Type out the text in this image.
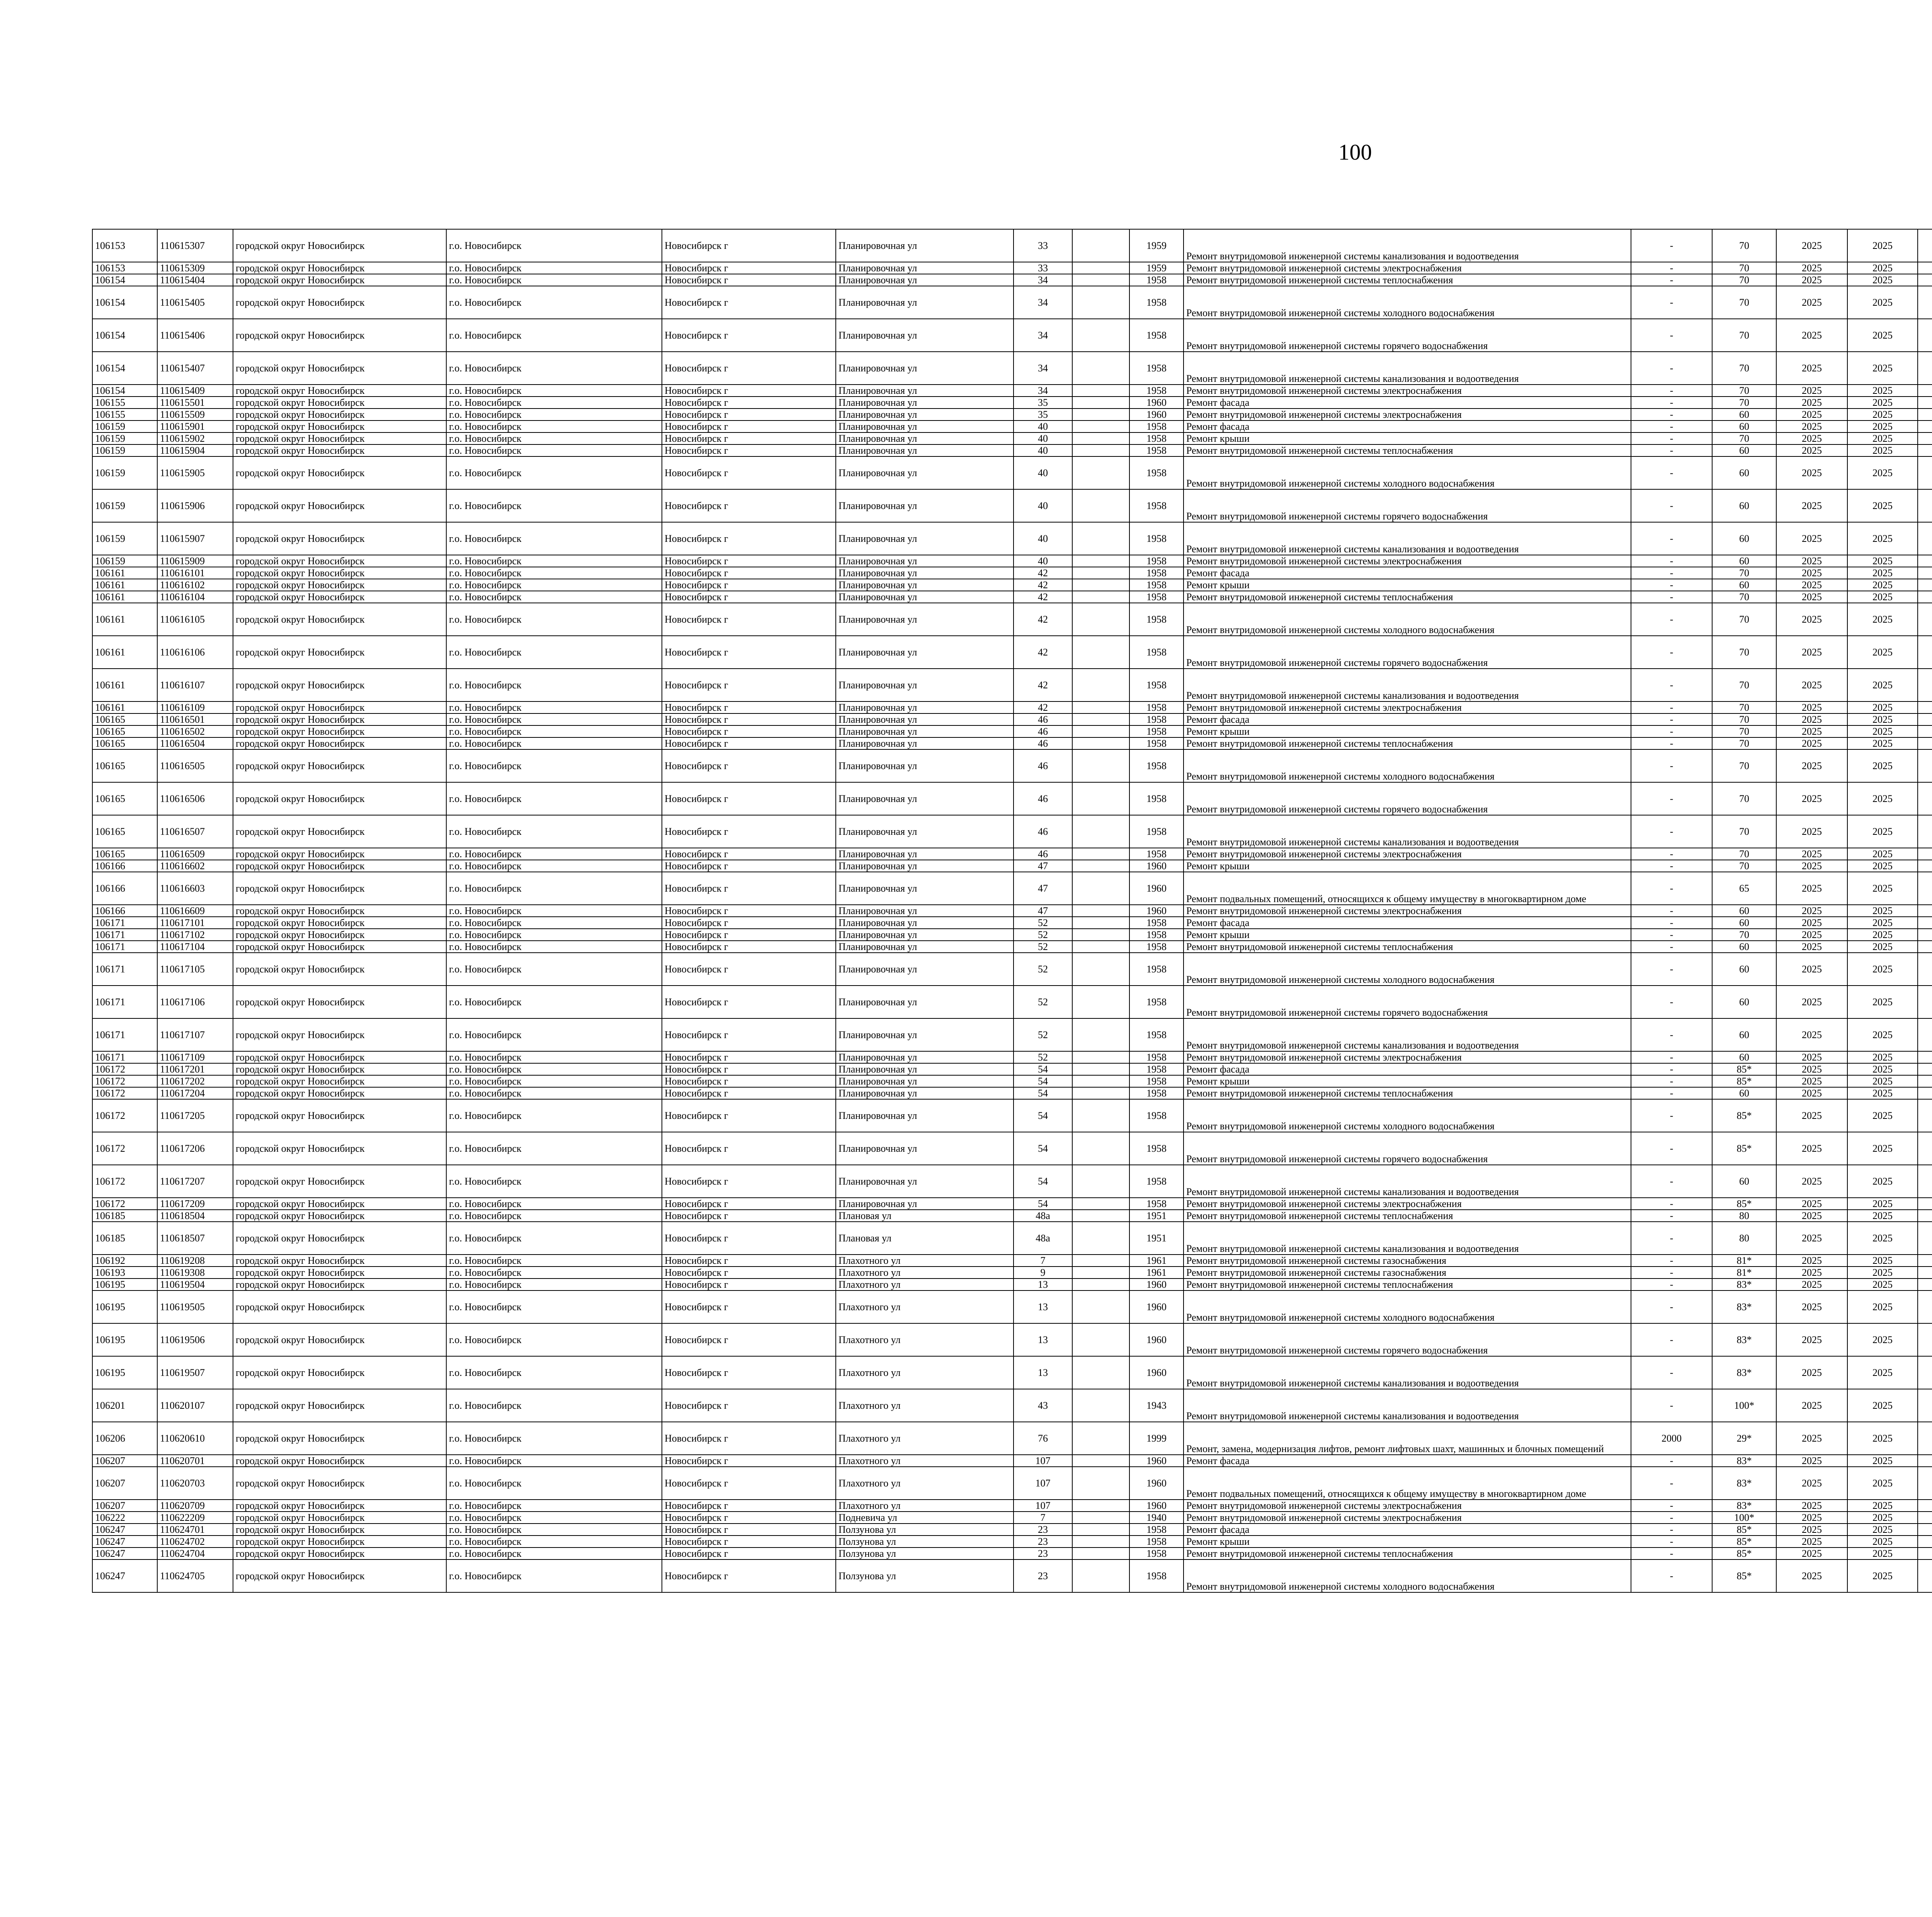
100
106153	110615307	городской округ Новосибирск	г.о. Новосибирск	Новосибирск г	Планировочная ул	33		1959	Ремонт внутридомовой инженерной системы канализования и водоотведения	-	70	2025	2025					
106153	110615309	городской округ Новосибирск	г.о. Новосибирск	Новосибирск г	Планировочная ул	33		1959	Ремонт внутридомовой инженерной системы электроснабжения	-	70	2025	2025					
106154	110615404	городской округ Новосибирск	г.о. Новосибирск	Новосибирск г	Планировочная ул	34		1958	Ремонт внутридомовой инженерной системы теплоснабжения	-	70	2025	2025					
106154	110615405	городской округ Новосибирск	г.о. Новосибирск	Новосибирск г	Планировочная ул	34		1958	Ремонт внутридомовой инженерной системы холодного водоснабжения	-	70	2025	2025					
106154	110615406	городской округ Новосибирск	г.о. Новосибирск	Новосибирск г	Планировочная ул	34		1958	Ремонт внутридомовой инженерной системы горячего водоснабжения	-	70	2025	2025					
106154	110615407	городской округ Новосибирск	г.о. Новосибирск	Новосибирск г	Планировочная ул	34		1958	Ремонт внутридомовой инженерной системы канализования и водоотведения	-	70	2025	2025					
106154	110615409	городской округ Новосибирск	г.о. Новосибирск	Новосибирск г	Планировочная ул	34		1958	Ремонт внутридомовой инженерной системы электроснабжения	-	70	2025	2025					
106155	110615501	городской округ Новосибирск	г.о. Новосибирск	Новосибирск г	Планировочная ул	35		1960	Ремонт фасада	-	70	2025	2025					
106155	110615509	городской округ Новосибирск	г.о. Новосибирск	Новосибирск г	Планировочная ул	35		1960	Ремонт внутридомовой инженерной системы электроснабжения	-	60	2025	2025					
106159	110615901	городской округ Новосибирск	г.о. Новосибирск	Новосибирск г	Планировочная ул	40		1958	Ремонт фасада	-	60	2025	2025					
106159	110615902	городской округ Новосибирск	г.о. Новосибирск	Новосибирск г	Планировочная ул	40		1958	Ремонт крыши	-	70	2025	2025					
106159	110615904	городской округ Новосибирск	г.о. Новосибирск	Новосибирск г	Планировочная ул	40		1958	Ремонт внутридомовой инженерной системы теплоснабжения	-	60	2025	2025					
106159	110615905	городской округ Новосибирск	г.о. Новосибирск	Новосибирск г	Планировочная ул	40		1958	Ремонт внутридомовой инженерной системы холодного водоснабжения	-	60	2025	2025					
106159	110615906	городской округ Новосибирск	г.о. Новосибирск	Новосибирск г	Планировочная ул	40		1958	Ремонт внутридомовой инженерной системы горячего водоснабжения	-	60	2025	2025					
106159	110615907	городской округ Новосибирск	г.о. Новосибирск	Новосибирск г	Планировочная ул	40		1958	Ремонт внутридомовой инженерной системы канализования и водоотведения	-	60	2025	2025					
106159	110615909	городской округ Новосибирск	г.о. Новосибирск	Новосибирск г	Планировочная ул	40		1958	Ремонт внутридомовой инженерной системы электроснабжения	-	60	2025	2025					
106161	110616101	городской округ Новосибирск	г.о. Новосибирск	Новосибирск г	Планировочная ул	42		1958	Ремонт фасада	-	70	2025	2025					
106161	110616102	городской округ Новосибирск	г.о. Новосибирск	Новосибирск г	Планировочная ул	42		1958	Ремонт крыши	-	60	2025	2025					
106161	110616104	городской округ Новосибирск	г.о. Новосибирск	Новосибирск г	Планировочная ул	42		1958	Ремонт внутридомовой инженерной системы теплоснабжения	-	70	2025	2025					
106161	110616105	городской округ Новосибирск	г.о. Новосибирск	Новосибирск г	Планировочная ул	42		1958	Ремонт внутридомовой инженерной системы холодного водоснабжения	-	70	2025	2025					
106161	110616106	городской округ Новосибирск	г.о. Новосибирск	Новосибирск г	Планировочная ул	42		1958	Ремонт внутридомовой инженерной системы горячего водоснабжения	-	70	2025	2025					
106161	110616107	городской округ Новосибирск	г.о. Новосибирск	Новосибирск г	Планировочная ул	42		1958	Ремонт внутридомовой инженерной системы канализования и водоотведения	-	70	2025	2025					
106161	110616109	городской округ Новосибирск	г.о. Новосибирск	Новосибирск г	Планировочная ул	42		1958	Ремонт внутридомовой инженерной системы электроснабжения	-	70	2025	2025					
106165	110616501	городской округ Новосибирск	г.о. Новосибирск	Новосибирск г	Планировочная ул	46		1958	Ремонт фасада	-	70	2025	2025					
106165	110616502	городской округ Новосибирск	г.о. Новосибирск	Новосибирск г	Планировочная ул	46		1958	Ремонт крыши	-	70	2025	2025					
106165	110616504	городской округ Новосибирск	г.о. Новосибирск	Новосибирск г	Планировочная ул	46		1958	Ремонт внутридомовой инженерной системы теплоснабжения	-	70	2025	2025					
106165	110616505	городской округ Новосибирск	г.о. Новосибирск	Новосибирск г	Планировочная ул	46		1958	Ремонт внутридомовой инженерной системы холодного водоснабжения	-	70	2025	2025					
106165	110616506	городской округ Новосибирск	г.о. Новосибирск	Новосибирск г	Планировочная ул	46		1958	Ремонт внутридомовой инженерной системы горячего водоснабжения	-	70	2025	2025					
106165	110616507	городской округ Новосибирск	г.о. Новосибирск	Новосибирск г	Планировочная ул	46		1958	Ремонт внутридомовой инженерной системы канализования и водоотведения	-	70	2025	2025					
106165	110616509	городской округ Новосибирск	г.о. Новосибирск	Новосибирск г	Планировочная ул	46		1958	Ремонт внутридомовой инженерной системы электроснабжения	-	70	2025	2025					
106166	110616602	городской округ Новосибирск	г.о. Новосибирск	Новосибирск г	Планировочная ул	47		1960	Ремонт крыши	-	70	2025	2025					
106166	110616603	городской округ Новосибирск	г.о. Новосибирск	Новосибирск г	Планировочная ул	47		1960	Ремонт подвальных помещений, относящихся к общему имуществу в многоквартирном доме	-	65	2025	2025					
106166	110616609	городской округ Новосибирск	г.о. Новосибирск	Новосибирск г	Планировочная ул	47		1960	Ремонт внутридомовой инженерной системы электроснабжения	-	60	2025	2025					
106171	110617101	городской округ Новосибирск	г.о. Новосибирск	Новосибирск г	Планировочная ул	52		1958	Ремонт фасада	-	60	2025	2025					
106171	110617102	городской округ Новосибирск	г.о. Новосибирск	Новосибирск г	Планировочная ул	52		1958	Ремонт крыши	-	70	2025	2025					
106171	110617104	городской округ Новосибирск	г.о. Новосибирск	Новосибирск г	Планировочная ул	52		1958	Ремонт внутридомовой инженерной системы теплоснабжения	-	60	2025	2025					
106171	110617105	городской округ Новосибирск	г.о. Новосибирск	Новосибирск г	Планировочная ул	52		1958	Ремонт внутридомовой инженерной системы холодного водоснабжения	-	60	2025	2025					
106171	110617106	городской округ Новосибирск	г.о. Новосибирск	Новосибирск г	Планировочная ул	52		1958	Ремонт внутридомовой инженерной системы горячего водоснабжения	-	60	2025	2025					
106171	110617107	городской округ Новосибирск	г.о. Новосибирск	Новосибирск г	Планировочная ул	52		1958	Ремонт внутридомовой инженерной системы канализования и водоотведения	-	60	2025	2025					
106171	110617109	городской округ Новосибирск	г.о. Новосибирск	Новосибирск г	Планировочная ул	52		1958	Ремонт внутридомовой инженерной системы электроснабжения	-	60	2025	2025					
106172	110617201	городской округ Новосибирск	г.о. Новосибирск	Новосибирск г	Планировочная ул	54		1958	Ремонт фасада	-	85*	2025	2025					
106172	110617202	городской округ Новосибирск	г.о. Новосибирск	Новосибирск г	Планировочная ул	54		1958	Ремонт крыши	-	85*	2025	2025					
106172	110617204	городской округ Новосибирск	г.о. Новосибирск	Новосибирск г	Планировочная ул	54		1958	Ремонт внутридомовой инженерной системы теплоснабжения	-	60	2025	2025					
106172	110617205	городской округ Новосибирск	г.о. Новосибирск	Новосибирск г	Планировочная ул	54		1958	Ремонт внутридомовой инженерной системы холодного водоснабжения	-	85*	2025	2025					
106172	110617206	городской округ Новосибирск	г.о. Новосибирск	Новосибирск г	Планировочная ул	54		1958	Ремонт внутридомовой инженерной системы горячего водоснабжения	-	85*	2025	2025					
106172	110617207	городской округ Новосибирск	г.о. Новосибирск	Новосибирск г	Планировочная ул	54		1958	Ремонт внутридомовой инженерной системы канализования и водоотведения	-	60	2025	2025					
106172	110617209	городской округ Новосибирск	г.о. Новосибирск	Новосибирск г	Планировочная ул	54		1958	Ремонт внутридомовой инженерной системы электроснабжения	-	85*	2025	2025					
106185	110618504	городской округ Новосибирск	г.о. Новосибирск	Новосибирск г	Плановая ул	48а		1951	Ремонт внутридомовой инженерной системы теплоснабжения	-	80	2025	2025					
106185	110618507	городской округ Новосибирск	г.о. Новосибирск	Новосибирск г	Плановая ул	48а		1951	Ремонт внутридомовой инженерной системы канализования и водоотведения	-	80	2025	2025					
106192	110619208	городской округ Новосибирск	г.о. Новосибирск	Новосибирск г	Плахотного ул	7		1961	Ремонт внутридомовой инженерной системы газоснабжения	-	81*	2025	2025					
106193	110619308	городской округ Новосибирск	г.о. Новосибирск	Новосибирск г	Плахотного ул	9		1961	Ремонт внутридомовой инженерной системы газоснабжения	-	81*	2025	2025					
106195	110619504	городской округ Новосибирск	г.о. Новосибирск	Новосибирск г	Плахотного ул	13		1960	Ремонт внутридомовой инженерной системы теплоснабжения	-	83*	2025	2025					
106195	110619505	городской округ Новосибирск	г.о. Новосибирск	Новосибирск г	Плахотного ул	13		1960	Ремонт внутридомовой инженерной системы холодного водоснабжения	-	83*	2025	2025					
106195	110619506	городской округ Новосибирск	г.о. Новосибирск	Новосибирск г	Плахотного ул	13		1960	Ремонт внутридомовой инженерной системы горячего водоснабжения	-	83*	2025	2025					
106195	110619507	городской округ Новосибирск	г.о. Новосибирск	Новосибирск г	Плахотного ул	13		1960	Ремонт внутридомовой инженерной системы канализования и водоотведения	-	83*	2025	2025					
106201	110620107	городской округ Новосибирск	г.о. Новосибирск	Новосибирск г	Плахотного ул	43		1943	Ремонт внутридомовой инженерной системы канализования и водоотведения	-	100*	2025	2025					
106206	110620610	городской округ Новосибирск	г.о. Новосибирск	Новосибирск г	Плахотного ул	76		1999	Ремонт, замена, модернизация лифтов, ремонт лифтовых шахт, машинных и блочных помещений	2000	29*	2025	2025					
106207	110620701	городской округ Новосибирск	г.о. Новосибирск	Новосибирск г	Плахотного ул	107		1960	Ремонт фасада	-	83*	2025	2025					
106207	110620703	городской округ Новосибирск	г.о. Новосибирск	Новосибирск г	Плахотного ул	107		1960	Ремонт подвальных помещений, относящихся к общему имуществу в многоквартирном доме	-	83*	2025	2025					
106207	110620709	городской округ Новосибирск	г.о. Новосибирск	Новосибирск г	Плахотного ул	107		1960	Ремонт внутридомовой инженерной системы электроснабжения	-	83*	2025	2025					
106222	110622209	городской округ Новосибирск	г.о. Новосибирск	Новосибирск г	Подневича ул	7		1940	Ремонт внутридомовой инженерной системы электроснабжения	-	100*	2025	2025					
106247	110624701	городской округ Новосибирск	г.о. Новосибирск	Новосибирск г	Ползунова ул	23		1958	Ремонт фасада	-	85*	2025	2025					
106247	110624702	городской округ Новосибирск	г.о. Новосибирск	Новосибирск г	Ползунова ул	23		1958	Ремонт крыши	-	85*	2025	2025					
106247	110624704	городской округ Новосибирск	г.о. Новосибирск	Новосибирск г	Ползунова ул	23		1958	Ремонт внутридомовой инженерной системы теплоснабжения	-	85*	2025	2025					
106247	110624705	городской округ Новосибирск	г.о. Новосибирск	Новосибирск г	Ползунова ул	23		1958	Ремонт внутридомовой инженерной системы холодного водоснабжения	-	85*	2025	2025					
